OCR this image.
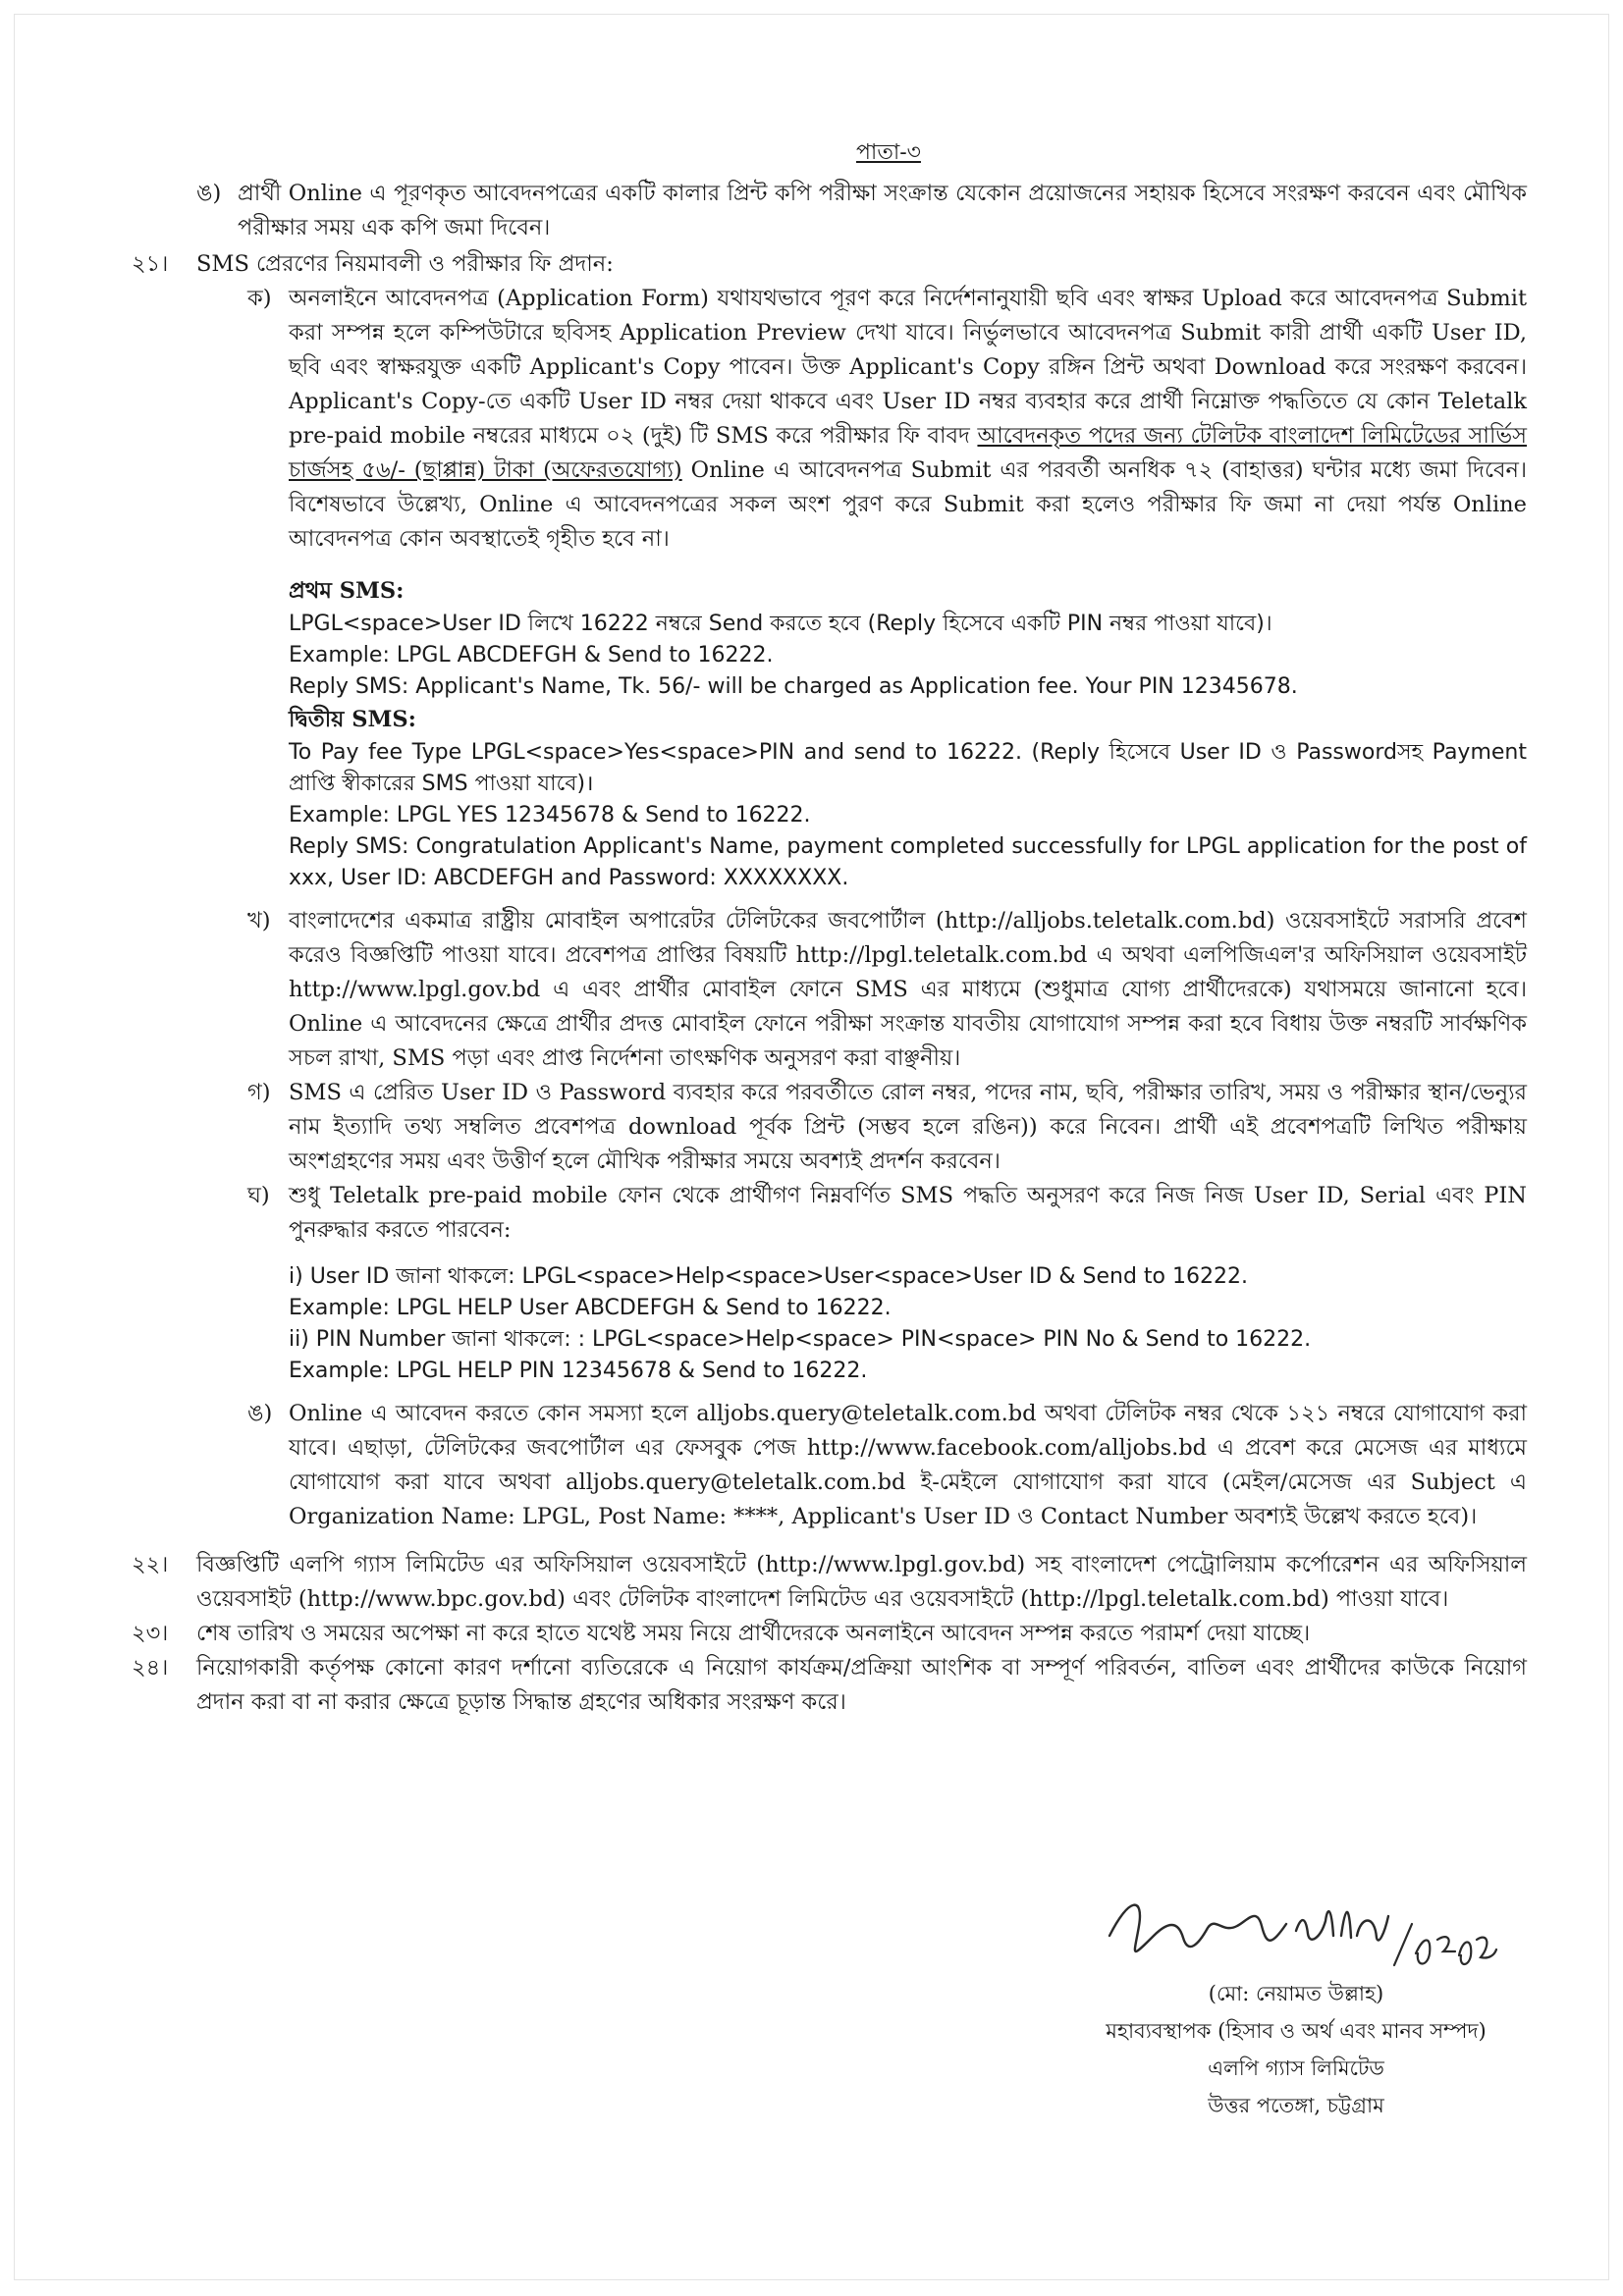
পাতা-৩
ঙ) প্রার্থী Online এ পূরণকৃত আবেদনপত্রের একটি কালার প্রিন্ট কপি পরীক্ষা সংক্রান্ত যেকোন প্রয়োজনের সহায়ক হিসেবে সংরক্ষণ করবেন এবং মৌখিক পরীক্ষার সময় এক কপি জমা দিবেন।
২১। SMS প্রেরণের নিয়মাবলী ও পরীক্ষার ফি প্রদান:
ক) অনলাইনে আবেদনপত্র (Application Form) যথাযথভাবে পূরণ করে নির্দেশনানুযায়ী ছবি এবং স্বাক্ষর Upload করে আবেদনপত্র Submit করা সম্পন্ন হলে কম্পিউটারে ছবিসহ Application Preview দেখা যাবে। নির্ভুলভাবে আবেদনপত্র Submit কারী প্রার্থী একটি User ID, ছবি এবং স্বাক্ষরযুক্ত একটি Applicant's Copy পাবেন। উক্ত Applicant's Copy রঙ্গিন প্রিন্ট অথবা Download করে সংরক্ষণ করবেন। Applicant's Copy-তে একটি User ID নম্বর দেয়া থাকবে এবং User ID নম্বর ব্যবহার করে প্রার্থী নিম্নোক্ত পদ্ধতিতে যে কোন Teletalk pre-paid mobile নম্বরের মাধ্যমে ০২ (দুই) টি SMS করে পরীক্ষার ফি বাবদ আবেদনকৃত পদের জন্য টেলিটক বাংলাদেশ লিমিটেডের সার্ভিস চার্জসহ ৫৬/- (ছাপ্পান্ন) টাকা (অফেরতযোগ্য) Online এ আবেদনপত্র Submit এর পরবর্তী অনধিক ৭২ (বাহাত্তর) ঘন্টার মধ্যে জমা দিবেন। বিশেষভাবে উল্লেখ্য, Online এ আবেদনপত্রের সকল অংশ পুরণ করে Submit করা হলেও পরীক্ষার ফি জমা না দেয়া পর্যন্ত Online আবেদনপত্র কোন অবস্থাতেই গৃহীত হবে না।
প্রথম SMS:
LPGL<space>User ID লিখে 16222 নম্বরে Send করতে হবে (Reply হিসেবে একটি PIN নম্বর পাওয়া যাবে)।
Example: LPGL ABCDEFGH & Send to 16222.
Reply SMS: Applicant's Name, Tk. 56/- will be charged as Application fee. Your PIN 12345678.
দ্বিতীয় SMS:
To Pay fee Type LPGL<space>Yes<space>PIN and send to 16222. (Reply হিসেবে User ID ও Passwordসহ Payment প্রাপ্তি স্বীকারের SMS পাওয়া যাবে)।
Example: LPGL YES 12345678 & Send to 16222.
Reply SMS: Congratulation Applicant's Name, payment completed successfully for LPGL application for the post of xxx, User ID: ABCDEFGH and Password: XXXXXXXX.
খ) বাংলাদেশের একমাত্র রাষ্ট্রীয় মোবাইল অপারেটর টেলিটকের জবপোর্টাল (http://alljobs.teletalk.com.bd) ওয়েবসাইটে সরাসরি প্রবেশ করেও বিজ্ঞপ্তিটি পাওয়া যাবে। প্রবেশপত্র প্রাপ্তির বিষয়টি http://lpgl.teletalk.com.bd এ অথবা এলপিজিএল'র অফিসিয়াল ওয়েবসাইট http://www.lpgl.gov.bd এ এবং প্রার্থীর মোবাইল ফোনে SMS এর মাধ্যমে (শুধুমাত্র যোগ্য প্রার্থীদেরকে) যথাসময়ে জানানো হবে। Online এ আবেদনের ক্ষেত্রে প্রার্থীর প্রদত্ত মোবাইল ফোনে পরীক্ষা সংক্রান্ত যাবতীয় যোগাযোগ সম্পন্ন করা হবে বিধায় উক্ত নম্বরটি সার্বক্ষণিক সচল রাখা, SMS পড়া এবং প্রাপ্ত নির্দেশনা তাৎক্ষণিক অনুসরণ করা বাঞ্ছনীয়।
গ) SMS এ প্রেরিত User ID ও Password ব্যবহার করে পরবর্তীতে রোল নম্বর, পদের নাম, ছবি, পরীক্ষার তারিখ, সময় ও পরীক্ষার স্থান/ভেন্যুর নাম ইত্যাদি তথ্য সম্বলিত প্রবেশপত্র download পূর্বক প্রিন্ট (সম্ভব হলে রঙিন)) করে নিবেন। প্রার্থী এই প্রবেশপত্রটি লিখিত পরীক্ষায় অংশগ্রহণের সময় এবং উত্তীর্ণ হলে মৌখিক পরীক্ষার সময়ে অবশ্যই প্রদর্শন করবেন।
ঘ) শুধু Teletalk pre-paid mobile ফোন থেকে প্রার্থীগণ নিম্নবর্ণিত SMS পদ্ধতি অনুসরণ করে নিজ নিজ User ID, Serial এবং PIN পুনরুদ্ধার করতে পারবেন:
i) User ID জানা থাকলে: LPGL<space>Help<space>User<space>User ID & Send to 16222.
Example: LPGL HELP User ABCDEFGH & Send to 16222.
ii) PIN Number জানা থাকলে: : LPGL<space>Help<space> PIN<space> PIN No & Send to 16222.
Example: LPGL HELP PIN 12345678 & Send to 16222.
ঙ) Online এ আবেদন করতে কোন সমস্যা হলে alljobs.query@teletalk.com.bd অথবা টেলিটক নম্বর থেকে ১২১ নম্বরে যোগাযোগ করা যাবে। এছাড়া, টেলিটকের জবপোর্টাল এর ফেসবুক পেজ http://www.facebook.com/alljobs.bd এ প্রবেশ করে মেসেজ এর মাধ্যমে যোগাযোগ করা যাবে অথবা alljobs.query@teletalk.com.bd ই-মেইলে যোগাযোগ করা যাবে (মেইল/মেসেজ এর Subject এ Organization Name: LPGL, Post Name: ****, Applicant's User ID ও Contact Number অবশ্যই উল্লেখ করতে হবে)।
২২। বিজ্ঞপ্তিটি এলপি গ্যাস লিমিটেড এর অফিসিয়াল ওয়েবসাইটে (http://www.lpgl.gov.bd) সহ বাংলাদেশ পেট্রোলিয়াম কর্পোরেশন এর অফিসিয়াল ওয়েবসাইট (http://www.bpc.gov.bd) এবং টেলিটক বাংলাদেশ লিমিটেড এর ওয়েবসাইটে (http://lpgl.teletalk.com.bd) পাওয়া যাবে।
২৩। শেষ তারিখ ও সময়ের অপেক্ষা না করে হাতে যথেষ্ট সময় নিয়ে প্রার্থীদেরকে অনলাইনে আবেদন সম্পন্ন করতে পরামর্শ দেয়া যাচ্ছে।
২৪। নিয়োগকারী কর্তৃপক্ষ কোনো কারণ দর্শানো ব্যতিরেকে এ নিয়োগ কার্যক্রম/প্রক্রিয়া আংশিক বা সম্পূর্ণ পরিবর্তন, বাতিল এবং প্রার্থীদের কাউকে নিয়োগ প্রদান করা বা না করার ক্ষেত্রে চূড়ান্ত সিদ্ধান্ত গ্রহণের অধিকার সংরক্ষণ করে।
(মো: নেয়ামত উল্লাহ)
মহাব্যবস্থাপক (হিসাব ও অর্থ এবং মানব সম্পদ)
এলপি গ্যাস লিমিটেড
উত্তর পতেঙ্গা, চট্টগ্রাম
